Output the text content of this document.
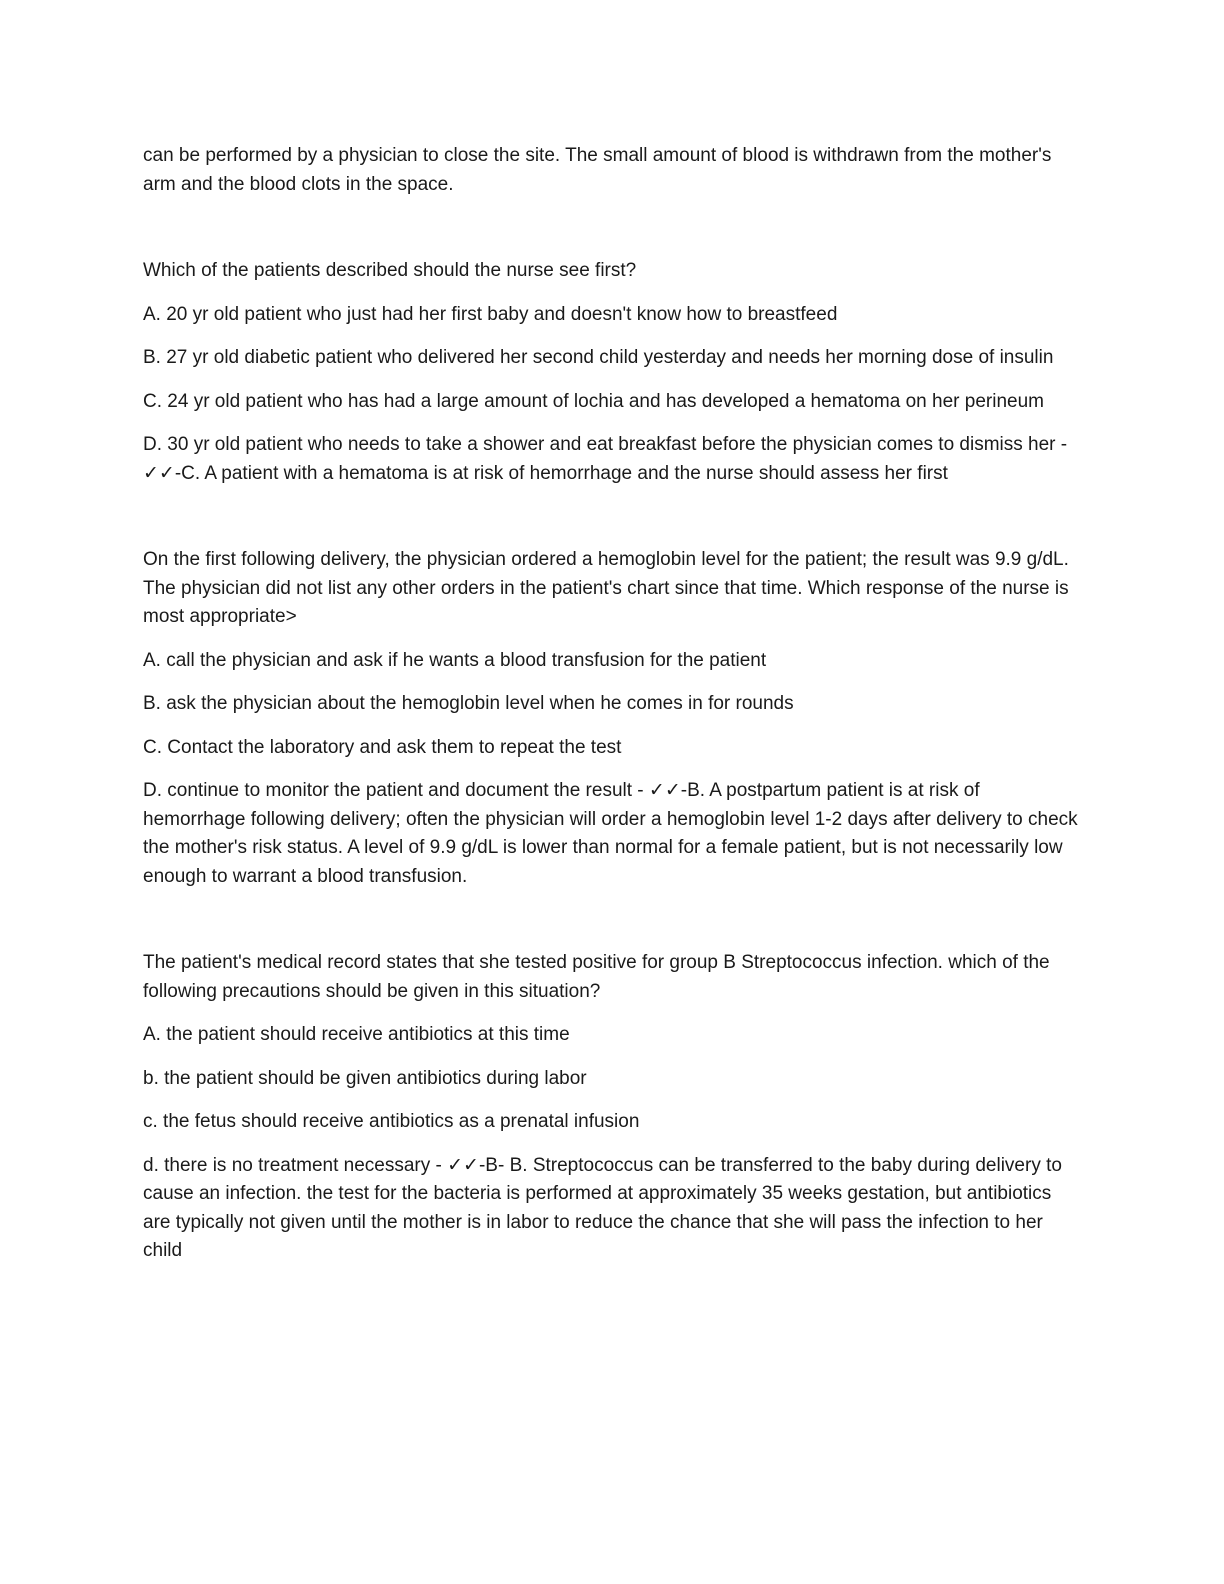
can be performed by a physician to close the site. The small amount of blood is withdrawn from the mother's arm and the blood clots in the space.

Which of the patients described should the nurse see first?

A. 20 yr old patient who just had her first baby and doesn't know how to breastfeed

B. 27 yr old diabetic patient who delivered her second child yesterday and needs her morning dose of insulin

C. 24 yr old patient who has had a large amount of lochia and has developed a hematoma on her perineum

D. 30 yr old patient who needs to take a shower and eat breakfast before the physician comes to dismiss her - ✓✓-C. A patient with a hematoma is at risk of hemorrhage and the nurse should assess her first

On the first following delivery, the physician ordered a hemoglobin level for the patient; the result was 9.9 g/dL. The physician did not list any other orders in the patient's chart since that time. Which response of the nurse is most appropriate>

A. call the physician and ask if he wants a blood transfusion for the patient

B. ask the physician about the hemoglobin level when he comes in for rounds

C. Contact the laboratory and ask them to repeat the test

D. continue to monitor the patient and document the result - ✓✓-B. A postpartum patient is at risk of hemorrhage following delivery; often the physician will order a hemoglobin level 1-2 days after delivery to check the mother's risk status. A level of 9.9 g/dL is lower than normal for a female patient, but is not necessarily low enough to warrant a blood transfusion.

The patient's medical record states that she tested positive for group B Streptococcus infection. which of the following precautions should be given in this situation?

A. the patient should receive antibiotics at this time

b. the patient should be given antibiotics during labor

c. the fetus should receive antibiotics as a prenatal infusion

d. there is no treatment necessary - ✓✓-B- B. Streptococcus can be transferred to the baby during delivery to cause an infection. the test for the bacteria is performed at approximately 35 weeks gestation, but antibiotics are typically not given until the mother is in labor to reduce the chance that she will pass the infection to her child
